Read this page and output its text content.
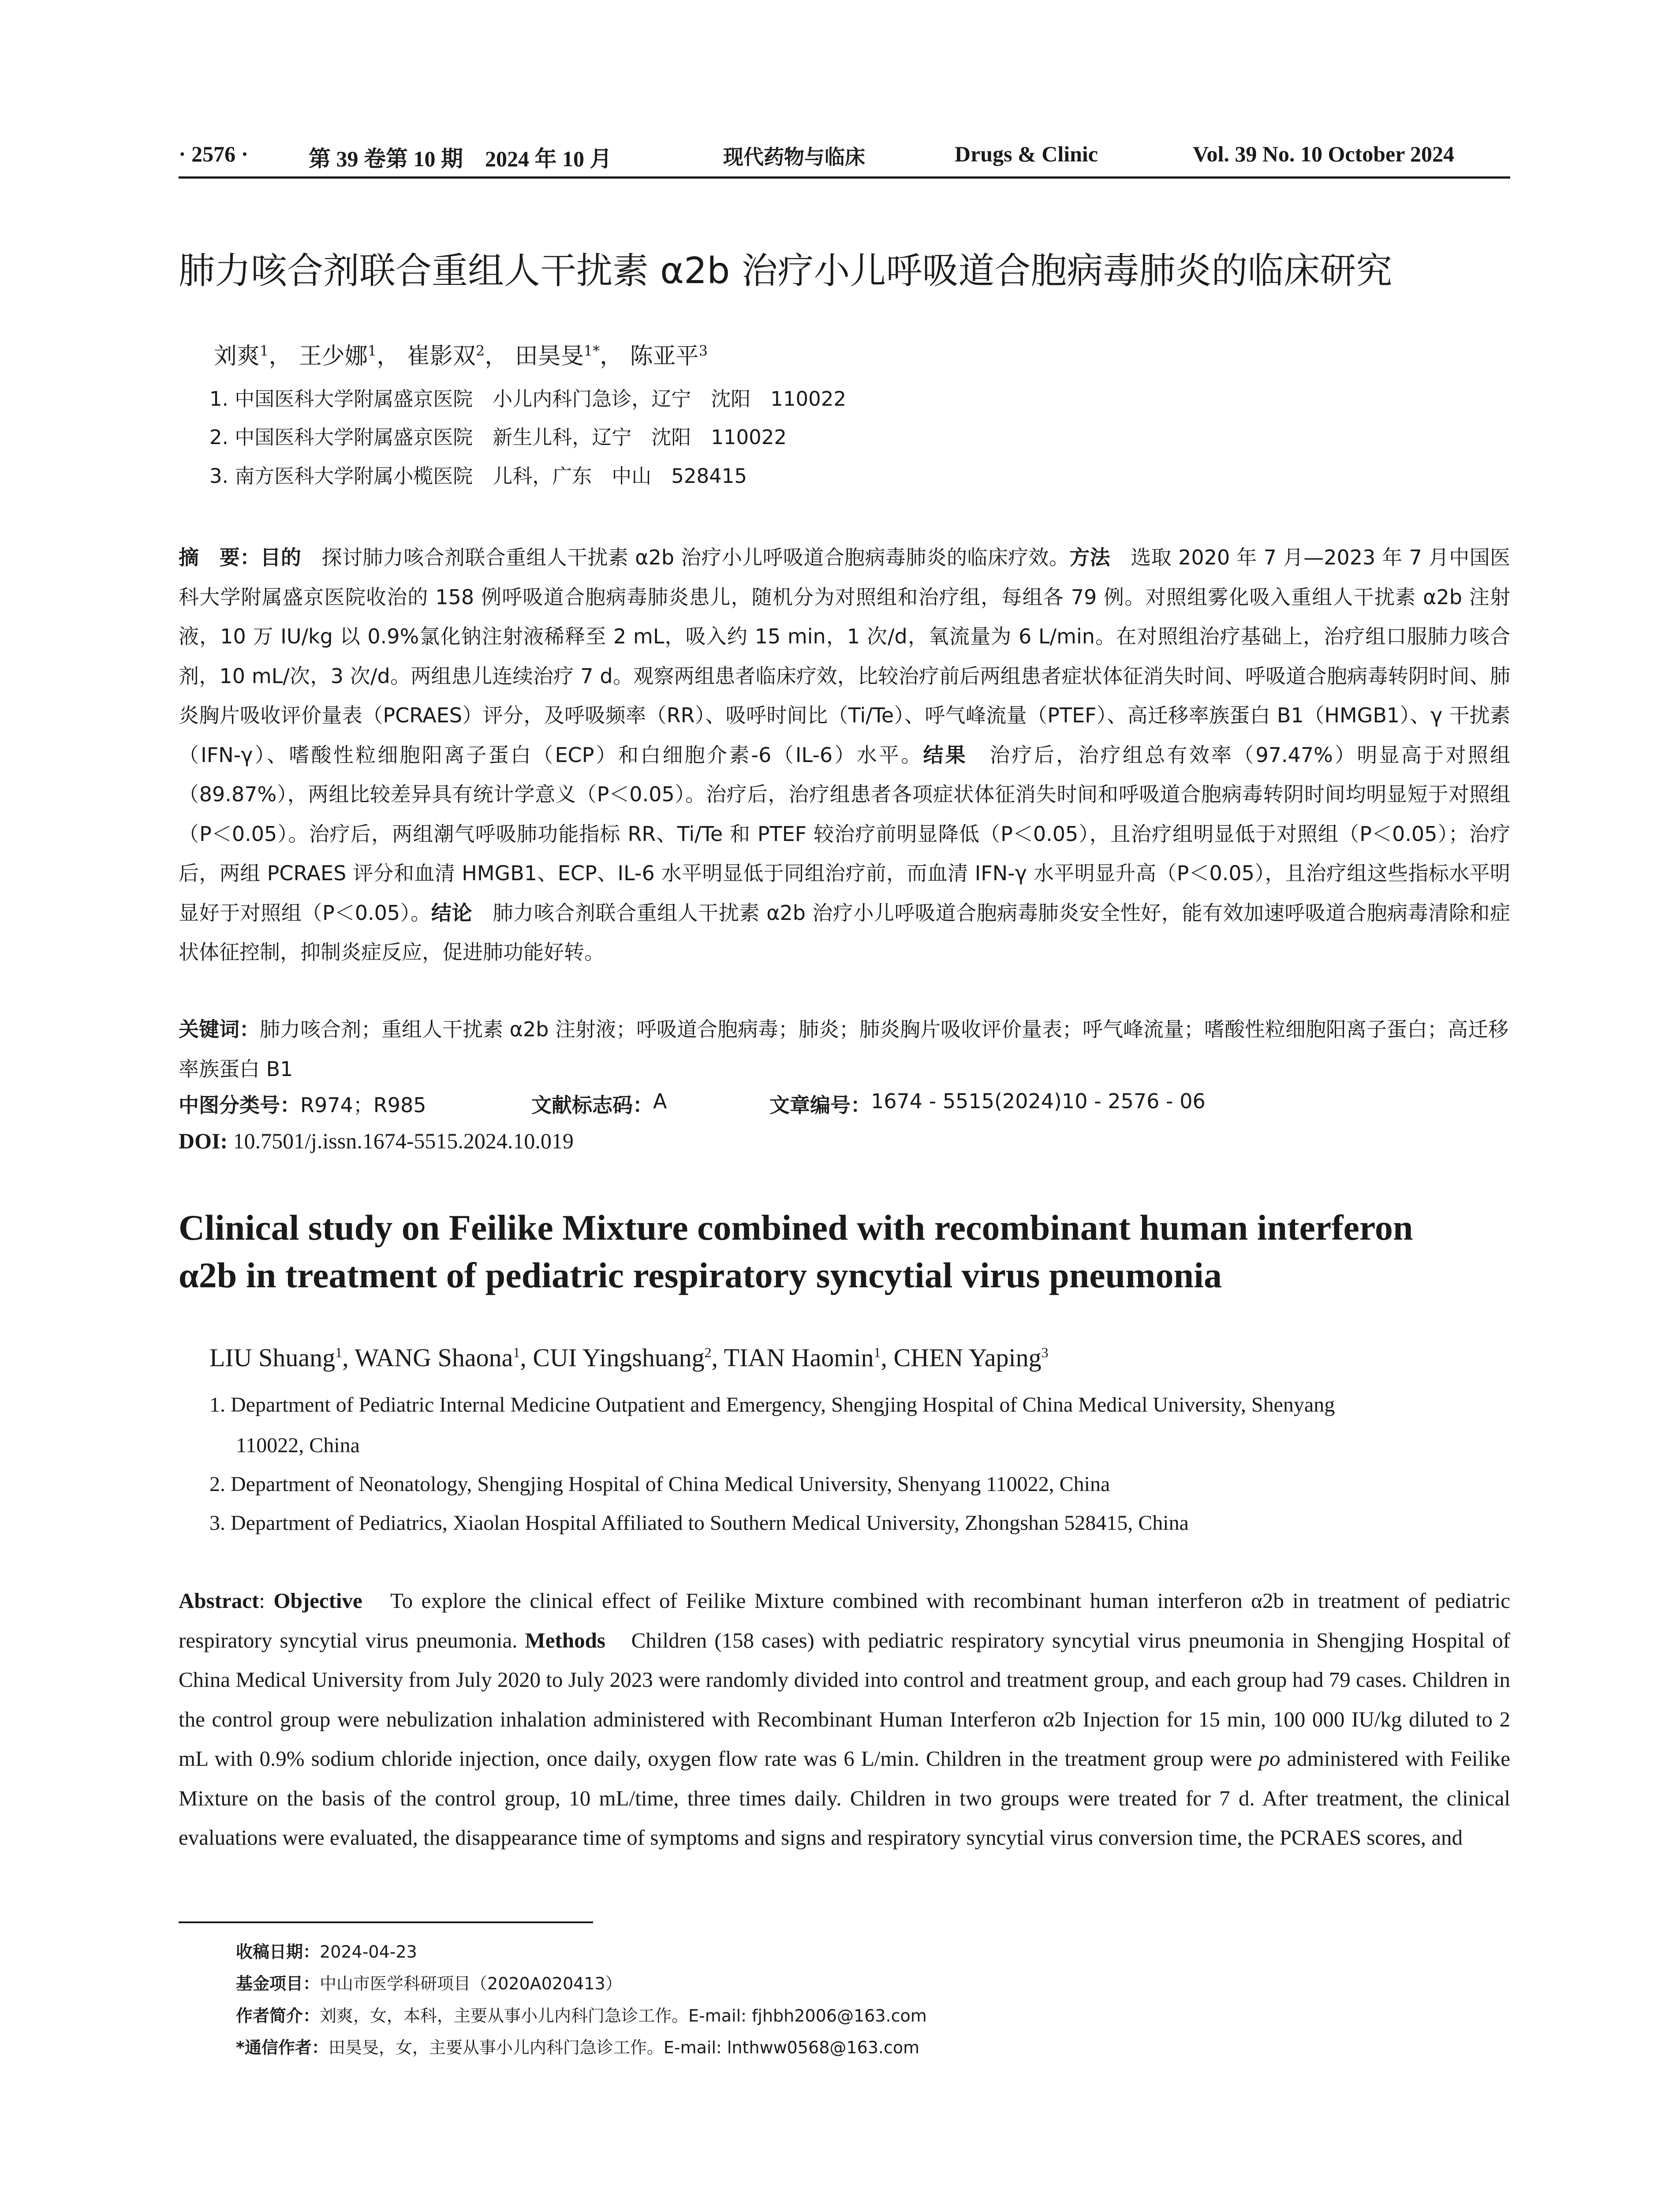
· 2576 ·	第 39 卷第 10 期　2024 年 10 月	现代药物与临床	Drugs & Clinic	Vol. 39 No. 10 October 2024
肺力咳合剂联合重组人干扰素 α2b 治疗小儿呼吸道合胞病毒肺炎的临床研究
刘爽$^1$， 王少娜$^1$， 崔影双$^2$， 田昊旻$^{1*}$， 陈亚平$^3$
1. 中国医科大学附属盛京医院　小儿内科门急诊，辽宁　沈阳　110022
2. 中国医科大学附属盛京医院　新生儿科，辽宁　沈阳　110022
3. 南方医科大学附属小榄医院　儿科，广东　中山　528415
摘　要：目的　 探讨肺力咳合剂联合重组人干扰素 α2b 治疗小儿呼吸道合胞病毒肺炎的临床疗效。方法　 选取 2020 年 7 月—2023 年 7 月中国医科大学附属盛京医院收治的 158 例呼吸道合胞病毒肺炎患儿，随机分为对照组和治疗组，每组各 79 例。对照组雾化吸入重组人干扰素 α2b 注射液，10 万 IU/kg 以 0.9%氯化钠注射液稀释至 2 mL，吸入约 15 min，1 次/d，氧流量为 6 L/min。在对照组治疗基础上，治疗组口服肺力咳合剂，10 mL/次，3 次/d。两组患儿连续治疗 7 d。观察两组患者临床疗效，比较治疗前后两组患者症状体征消失时间、呼吸道合胞病毒转阴时间、肺炎胸片吸收评价量表（PCRAES）评分，及呼吸频率（RR）、吸呼时间比（Ti/Te）、呼气峰流量（PTEF）、高迁移率族蛋白 B1（HMGB1）、γ 干扰素（IFN-γ）、嗜酸性粒细胞阳离子蛋白（ECP）和白细胞介素-6（IL-6）水平。结果　 治疗后，治疗组总有效率（97.47%）明显高于对照组（89.87%），两组比较差异具有统计学意义（P＜0.05）。治疗后，治疗组患者各项症状体征消失时间和呼吸道合胞病毒转阴时间均明显短于对照组（P＜0.05）。治疗后，两组潮气呼吸肺功能指标 RR、Ti/Te 和 PTEF 较治疗前明显降低（P＜0.05），且治疗组明显低于对照组（P＜0.05）；治疗后，两组 PCRAES 评分和血清 HMGB1、ECP、IL-6 水平明显低于同组治疗前，而血清 IFN-γ 水平明显升高（P＜0.05），且治疗组这些指标水平明显好于对照组（P＜0.05）。结论　 肺力咳合剂联合重组人干扰素 α2b 治疗小儿呼吸道合胞病毒肺炎安全性好，能有效加速呼吸道合胞病毒清除和症状体征控制，抑制炎症反应，促进肺功能好转。
关键词：肺力咳合剂；重组人干扰素 α2b 注射液；呼吸道合胞病毒；肺炎；肺炎胸片吸收评价量表；呼气峰流量；嗜酸性粒细胞阳离子蛋白；高迁移率族蛋白 B1
中图分类号： R974；R985	文献标志码： A	文章编号： 1674 - 5515(2024)10 - 2576 - 06
DOI: 10.7501/j.issn.1674-5515.2024.10.019
Clinical study on Feilike Mixture combined with recombinant human interferon
α2b in treatment of pediatric respiratory syncytial virus pneumonia
LIU Shuang$^1$, WANG Shaona$^1$, CUI Yingshuang$^2$, TIAN Haomin$^1$, CHEN Yaping$^3$
1. Department of Pediatric Internal Medicine Outpatient and Emergency, Shengjing Hospital of China Medical University, Shenyang
110022, China
2. Department of Neonatology, Shengjing Hospital of China Medical University, Shenyang 110022, China
3. Department of Pediatrics, Xiaolan Hospital Affiliated to Southern Medical University, Zhongshan 528415, China
Abstract: Objective　 To explore the clinical effect of Feilike Mixture combined with recombinant human interferon α2b in treatment of pediatric respiratory syncytial virus pneumonia. Methods　 Children (158 cases) with pediatric respiratory syncytial virus pneumonia in Shengjing Hospital of China Medical University from July 2020 to July 2023 were randomly divided into control and treatment group, and each group had 79 cases. Children in the control group were nebulization inhalation administered with Recombinant Human Interferon α2b Injection for 15 min, 100 000 IU/kg diluted to 2 mL with 0.9% sodium chloride injection, once daily, oxygen flow rate was 6 L/min. Children in the treatment group were po administered with Feilike Mixture on the basis of the control group, 10 mL/time, three times daily. Children in two groups were treated for 7 d. After treatment, the clinical evaluations were evaluated, the disappearance time of symptoms and signs and respiratory syncytial virus conversion time, the PCRAES scores, and
收稿日期：2024-04-23
基金项目：中山市医学科研项目（2020A020413）
作者简介：刘爽，女，本科，主要从事小儿内科门急诊工作。E-mail: fjhbh2006@163.com
*通信作者：田昊旻，女，主要从事小儿内科门急诊工作。E-mail: lnthww0568@163.com
